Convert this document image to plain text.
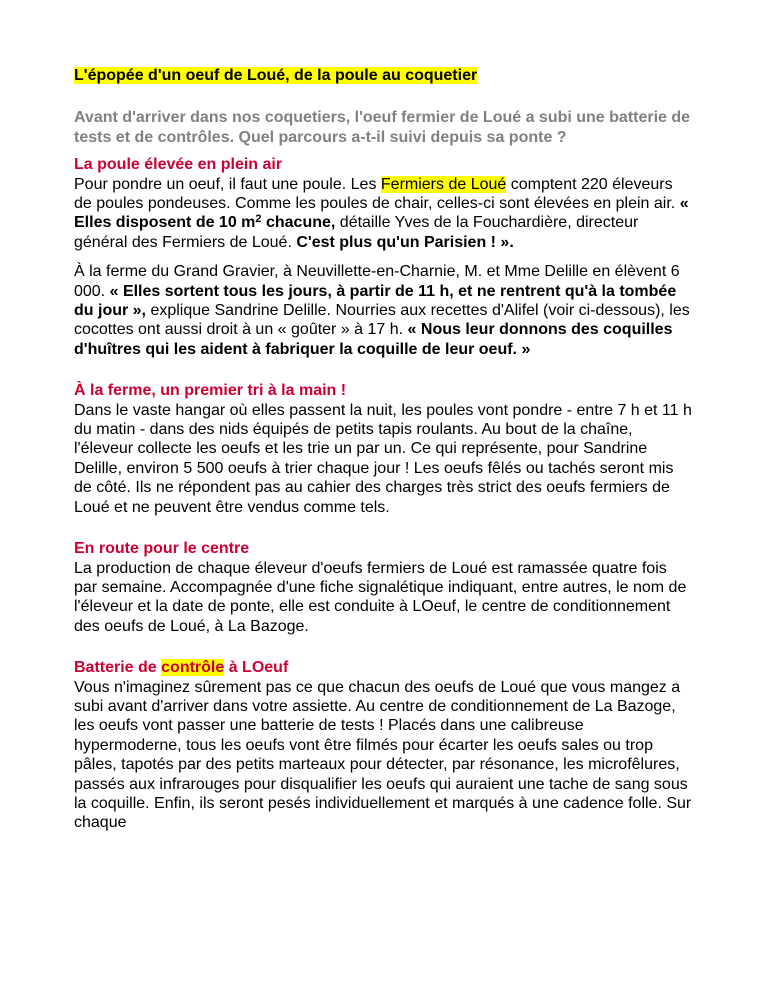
L'épopée d'un oeuf de Loué, de la poule au coquetier

Avant d'arriver dans nos coquetiers, l'oeuf fermier de Loué a subi une batterie de tests et de contrôles. Quel parcours a-t-il suivi depuis sa ponte ?

La poule élevée en plein air

Pour pondre un oeuf, il faut une poule. Les Fermiers de Loué comptent 220 éleveurs de poules pondeuses. Comme les poules de chair, celles-ci sont élevées en plein air. « Elles disposent de 10 $m^2$ chacune, détaille Yves de la Fouchardière, directeur général des Fermiers de Loué. C'est plus qu'un Parisien ! ».

À la ferme du Grand Gravier, à Neuvillette-en-Charnie, M. et Mme Delille en élèvent 6 000. « Elles sortent tous les jours, à partir de 11 h, et ne rentrent qu'à la tombée du jour », explique Sandrine Delille. Nourries aux recettes d'Alifel (voir ci-dessous), les cocottes ont aussi droit à un « goûter » à 17 h. « Nous leur donnons des coquilles d'huîtres qui les aident à fabriquer la coquille de leur oeuf. »

À la ferme, un premier tri à la main !

Dans le vaste hangar où elles passent la nuit, les poules vont pondre - entre 7 h et 11 h du matin - dans des nids équipés de petits tapis roulants. Au bout de la chaîne, l'éleveur collecte les oeufs et les trie un par un. Ce qui représente, pour Sandrine Delille, environ 5 500 oeufs à trier chaque jour ! Les oeufs fêlés ou tachés seront mis de côté. Ils ne répondent pas au cahier des charges très strict des oeufs fermiers de Loué et ne peuvent être vendus comme tels.

En route pour le centre

La production de chaque éleveur d'oeufs fermiers de Loué est ramassée quatre fois par semaine. Accompagnée d'une fiche signalétique indiquant, entre autres, le nom de l'éleveur et la date de ponte, elle est conduite à LOeuf, le centre de conditionnement des oeufs de Loué, à La Bazoge.

Batterie de contrôle à LOeuf

Vous n'imaginez sûrement pas ce que chacun des oeufs de Loué que vous mangez a subi avant d'arriver dans votre assiette. Au centre de conditionnement de La Bazoge, les oeufs vont passer une batterie de tests ! Placés dans une calibreuse hypermoderne, tous les oeufs vont être filmés pour écarter les oeufs sales ou trop pâles, tapotés par des petits marteaux pour détecter, par résonance, les microfêlures, passés aux infrarouges pour disqualifier les oeufs qui auraient une tache de sang sous la coquille. Enfin, ils seront pesés individuellement et marqués à une cadence folle. Sur chaque
